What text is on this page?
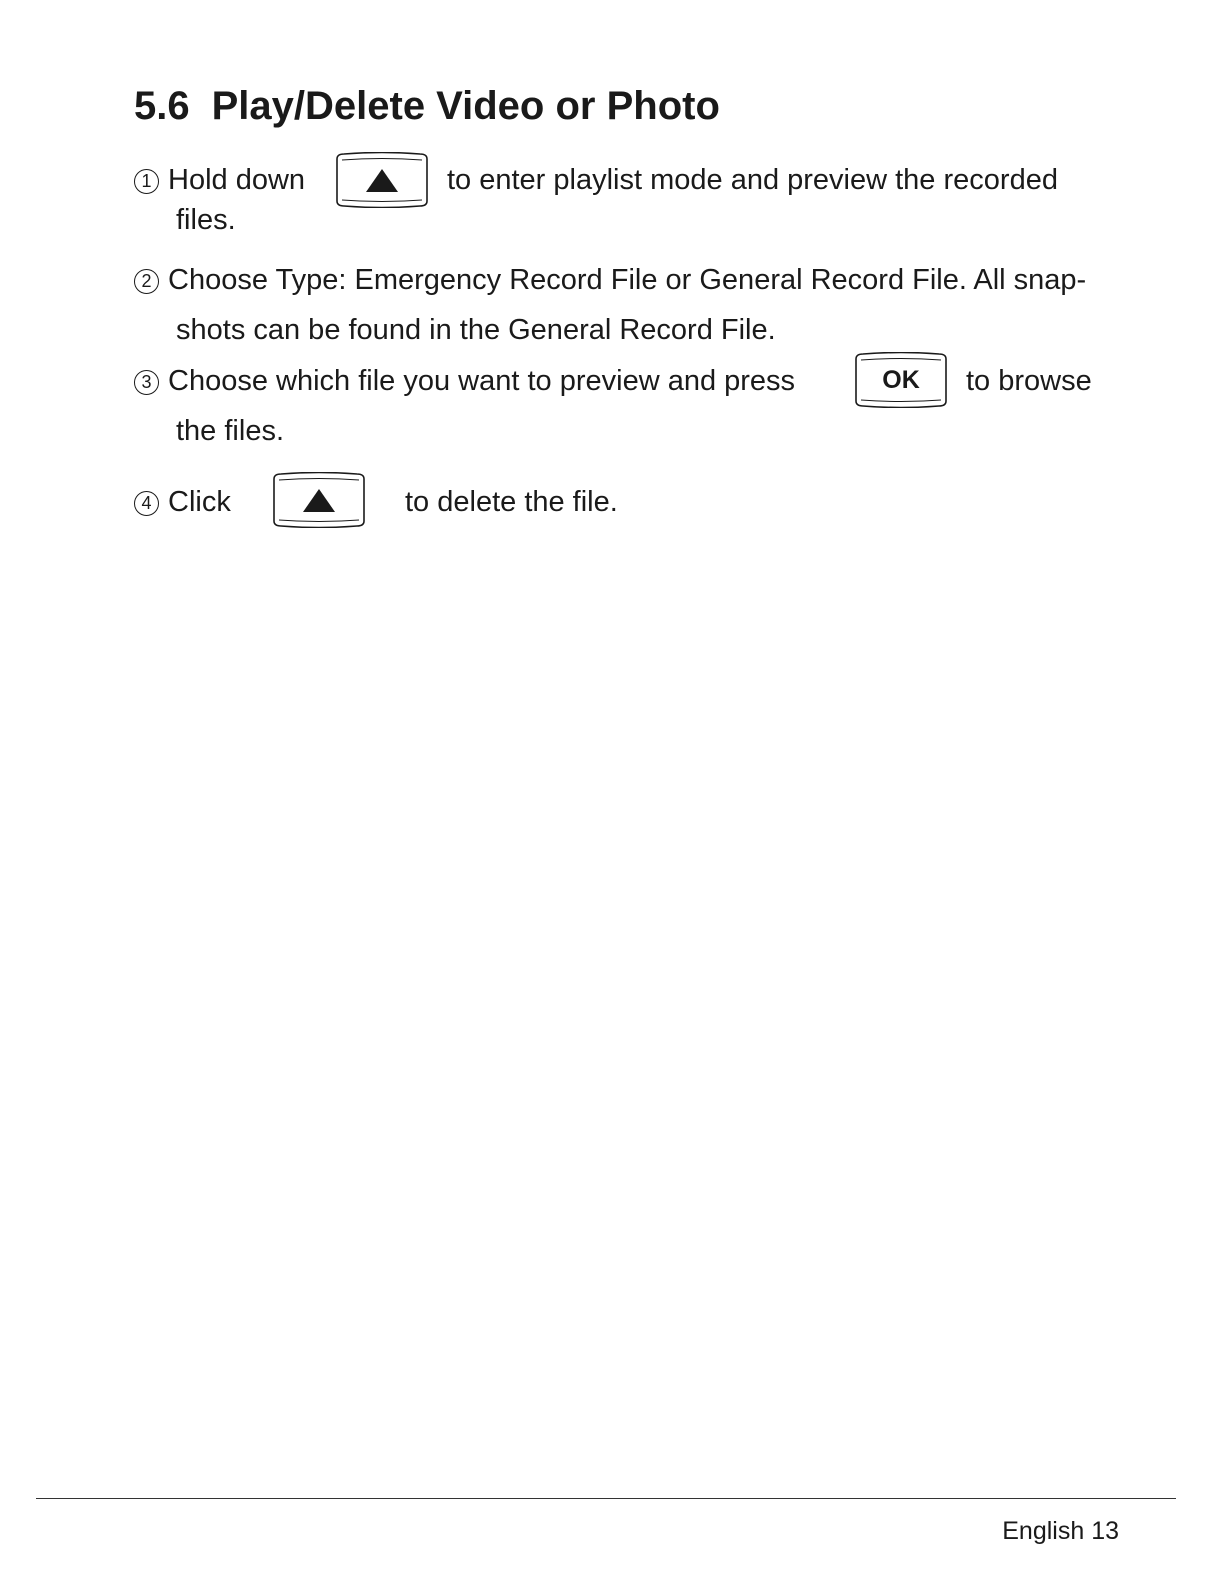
5.6 Play/Delete Video or Photo
1 Hold down	to enter playlist mode and preview the recorded
files.
2 Choose Type: Emergency Record File or General Record File. All snap-
shots can be found in the General Record File.
3 Choose which file you want to preview and press	OK	to browse
the files.
4 Click	to delete the file.
English 13
